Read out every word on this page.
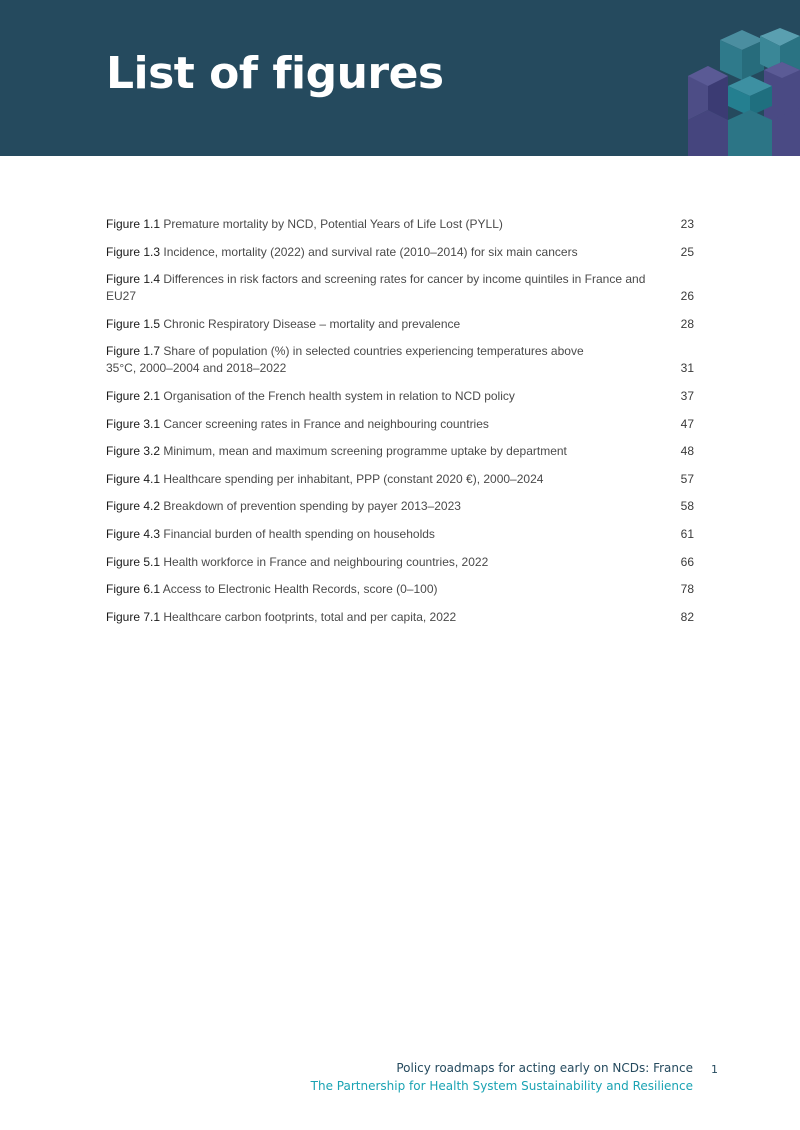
List of figures
Figure 1.1 Premature mortality by NCD, Potential Years of Life Lost (PYLL)	23
Figure 1.3 Incidence, mortality (2022) and survival rate (2010–2014) for six main cancers	25
Figure 1.4 Differences in risk factors and screening rates for cancer by income quintiles in France and EU27	26
Figure 1.5 Chronic Respiratory Disease – mortality and prevalence	28
Figure 1.7 Share of population (%) in selected countries experiencing temperatures above 35°C, 2000–2004 and 2018–2022	31
Figure 2.1 Organisation of the French health system in relation to NCD policy	37
Figure 3.1 Cancer screening rates in France and neighbouring countries	47
Figure 3.2 Minimum, mean and maximum screening programme uptake by department	48
Figure 4.1 Healthcare spending per inhabitant, PPP (constant 2020 €), 2000–2024	57
Figure 4.2 Breakdown of prevention spending by payer 2013–2023	58
Figure 4.3 Financial burden of health spending on households	61
Figure 5.1 Health workforce in France and neighbouring countries, 2022	66
Figure 6.1 Access to Electronic Health Records, score (0–100)	78
Figure 7.1 Healthcare carbon footprints, total and per capita, 2022	82
Policy roadmaps for acting early on NCDs: France
The Partnership for Health System Sustainability and Resilience
1
